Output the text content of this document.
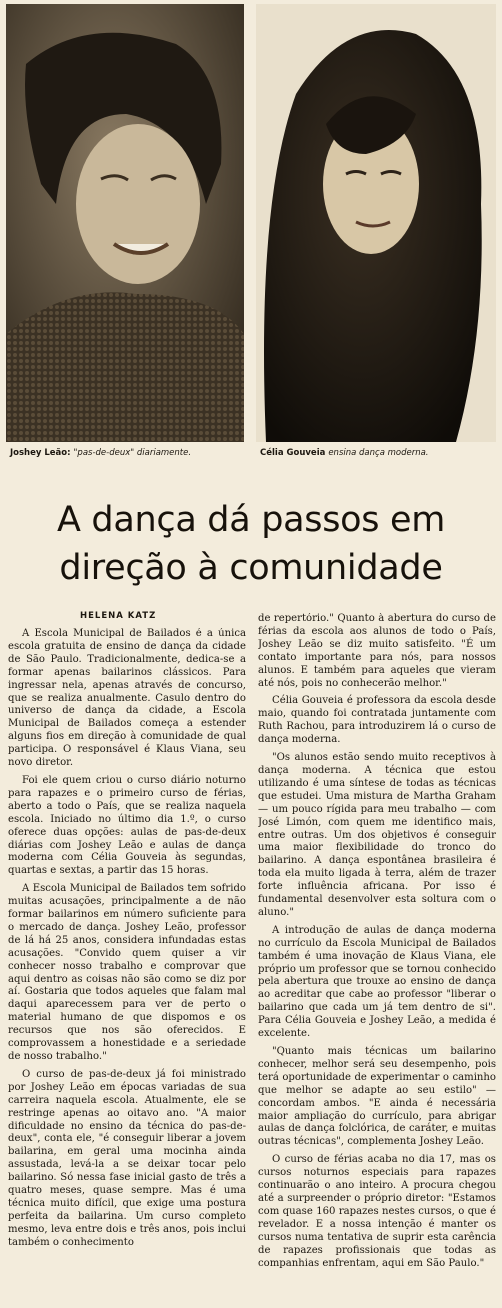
Joshey Leão: "pas-de-deux" diariamente.	Célia Gouveia ensina dança moderna.
A dança dá passos em
direção à comunidade
HELENA KATZ

A Escola Municipal de Bailados é a única escola gratuita de ensino de dança da cidade de São Paulo. Tradicionalmente, dedica-se a formar apenas bailarinos clássicos. Para ingressar nela, apenas através de concurso, que se realiza anualmente. Casulo dentro do universo de dança da cidade, a Escola Municipal de Bailados começa a estender alguns fios em direção à comunidade de qual participa. O responsável é Klaus Viana, seu novo diretor.

Foi ele quem criou o curso diário noturno para rapazes e o primeiro curso de férias, aberto a todo o País, que se realiza naquela escola. Iniciado no último dia 1.º, o curso oferece duas opções: aulas de pas-de-deux diárias com Joshey Leão e aulas de dança moderna com Célia Gouveia às segundas, quartas e sextas, a partir das 15 horas.

A Escola Municipal de Bailados tem sofrido muitas acusações, principalmente a de não formar bailarinos em número suficiente para o mercado de dança. Joshey Leão, professor de lá há 25 anos, considera infundadas estas acusações. "Convido quem quiser a vir conhecer nosso trabalho e comprovar que aqui dentro as coisas não são como se diz por aí. Gostaria que todos aqueles que falam mal daqui aparecessem para ver de perto o material humano de que dispomos e os recursos que nos são oferecidos. E comprovassem a honestidade e a seriedade de nosso trabalho."

O curso de pas-de-deux já foi ministrado por Joshey Leão em épocas variadas de sua carreira naquela escola. Atualmente, ele se restringe apenas ao oitavo ano. "A maior dificuldade no ensino da técnica do pas-de-deux", conta ele, "é conseguir liberar a jovem bailarina, em geral uma mocinha ainda assustada, levá-la a se deixar tocar pelo bailarino. Só nessa fase inicial gasto de três a quatro meses, quase sempre. Mas é uma técnica muito difícil, que exige uma postura perfeita da bailarina. Um curso completo mesmo, leva entre dois e três anos, pois inclui também o conhecimento

de repertório." Quanto à abertura do curso de férias da escola aos alunos de todo o País, Joshey Leão se diz muito satisfeito. "É um contato importante para nós, para nossos alunos. E também para aqueles que vieram até nós, pois no conhecerão melhor."

Célia Gouveia é professora da escola desde maio, quando foi contratada juntamente com Ruth Rachou, para introduzirem lá o curso de dança moderna.

"Os alunos estão sendo muito receptivos à dança moderna. A técnica que estou utilizando é uma síntese de todas as técnicas que estudei. Uma mistura de Martha Graham — um pouco rígida para meu trabalho — com José Limón, com quem me identifico mais, entre outras. Um dos objetivos é conseguir uma maior flexibilidade do tronco do bailarino. A dança espontânea brasileira é toda ela muito ligada à terra, além de trazer forte influência africana. Por isso é fundamental desenvolver esta soltura com o aluno."

A introdução de aulas de dança moderna no currículo da Escola Municipal de Bailados também é uma inovação de Klaus Viana, ele próprio um professor que se tornou conhecido pela abertura que trouxe ao ensino de dança ao acreditar que cabe ao professor "liberar o bailarino que cada um já tem dentro de si". Para Célia Gouveia e Joshey Leão, a medida é excelente.

"Quanto mais técnicas um bailarino conhecer, melhor será seu desempenho, pois terá oportunidade de experimentar o caminho que melhor se adapte ao seu estilo" — concordam ambos. "E ainda é necessária maior ampliação do currículo, para abrigar aulas de dança folclórica, de caráter, e muitas outras técnicas", complementa Joshey Leão.

O curso de férias acaba no dia 17, mas os cursos noturnos especiais para rapazes continuarão o ano inteiro. A procura chegou até a surpreender o próprio diretor: "Estamos com quase 160 rapazes nestes cursos, o que é revelador. E a nossa intenção é manter os cursos numa tentativa de suprir esta carência de rapazes profissionais que todas as companhias enfrentam, aqui em São Paulo."
